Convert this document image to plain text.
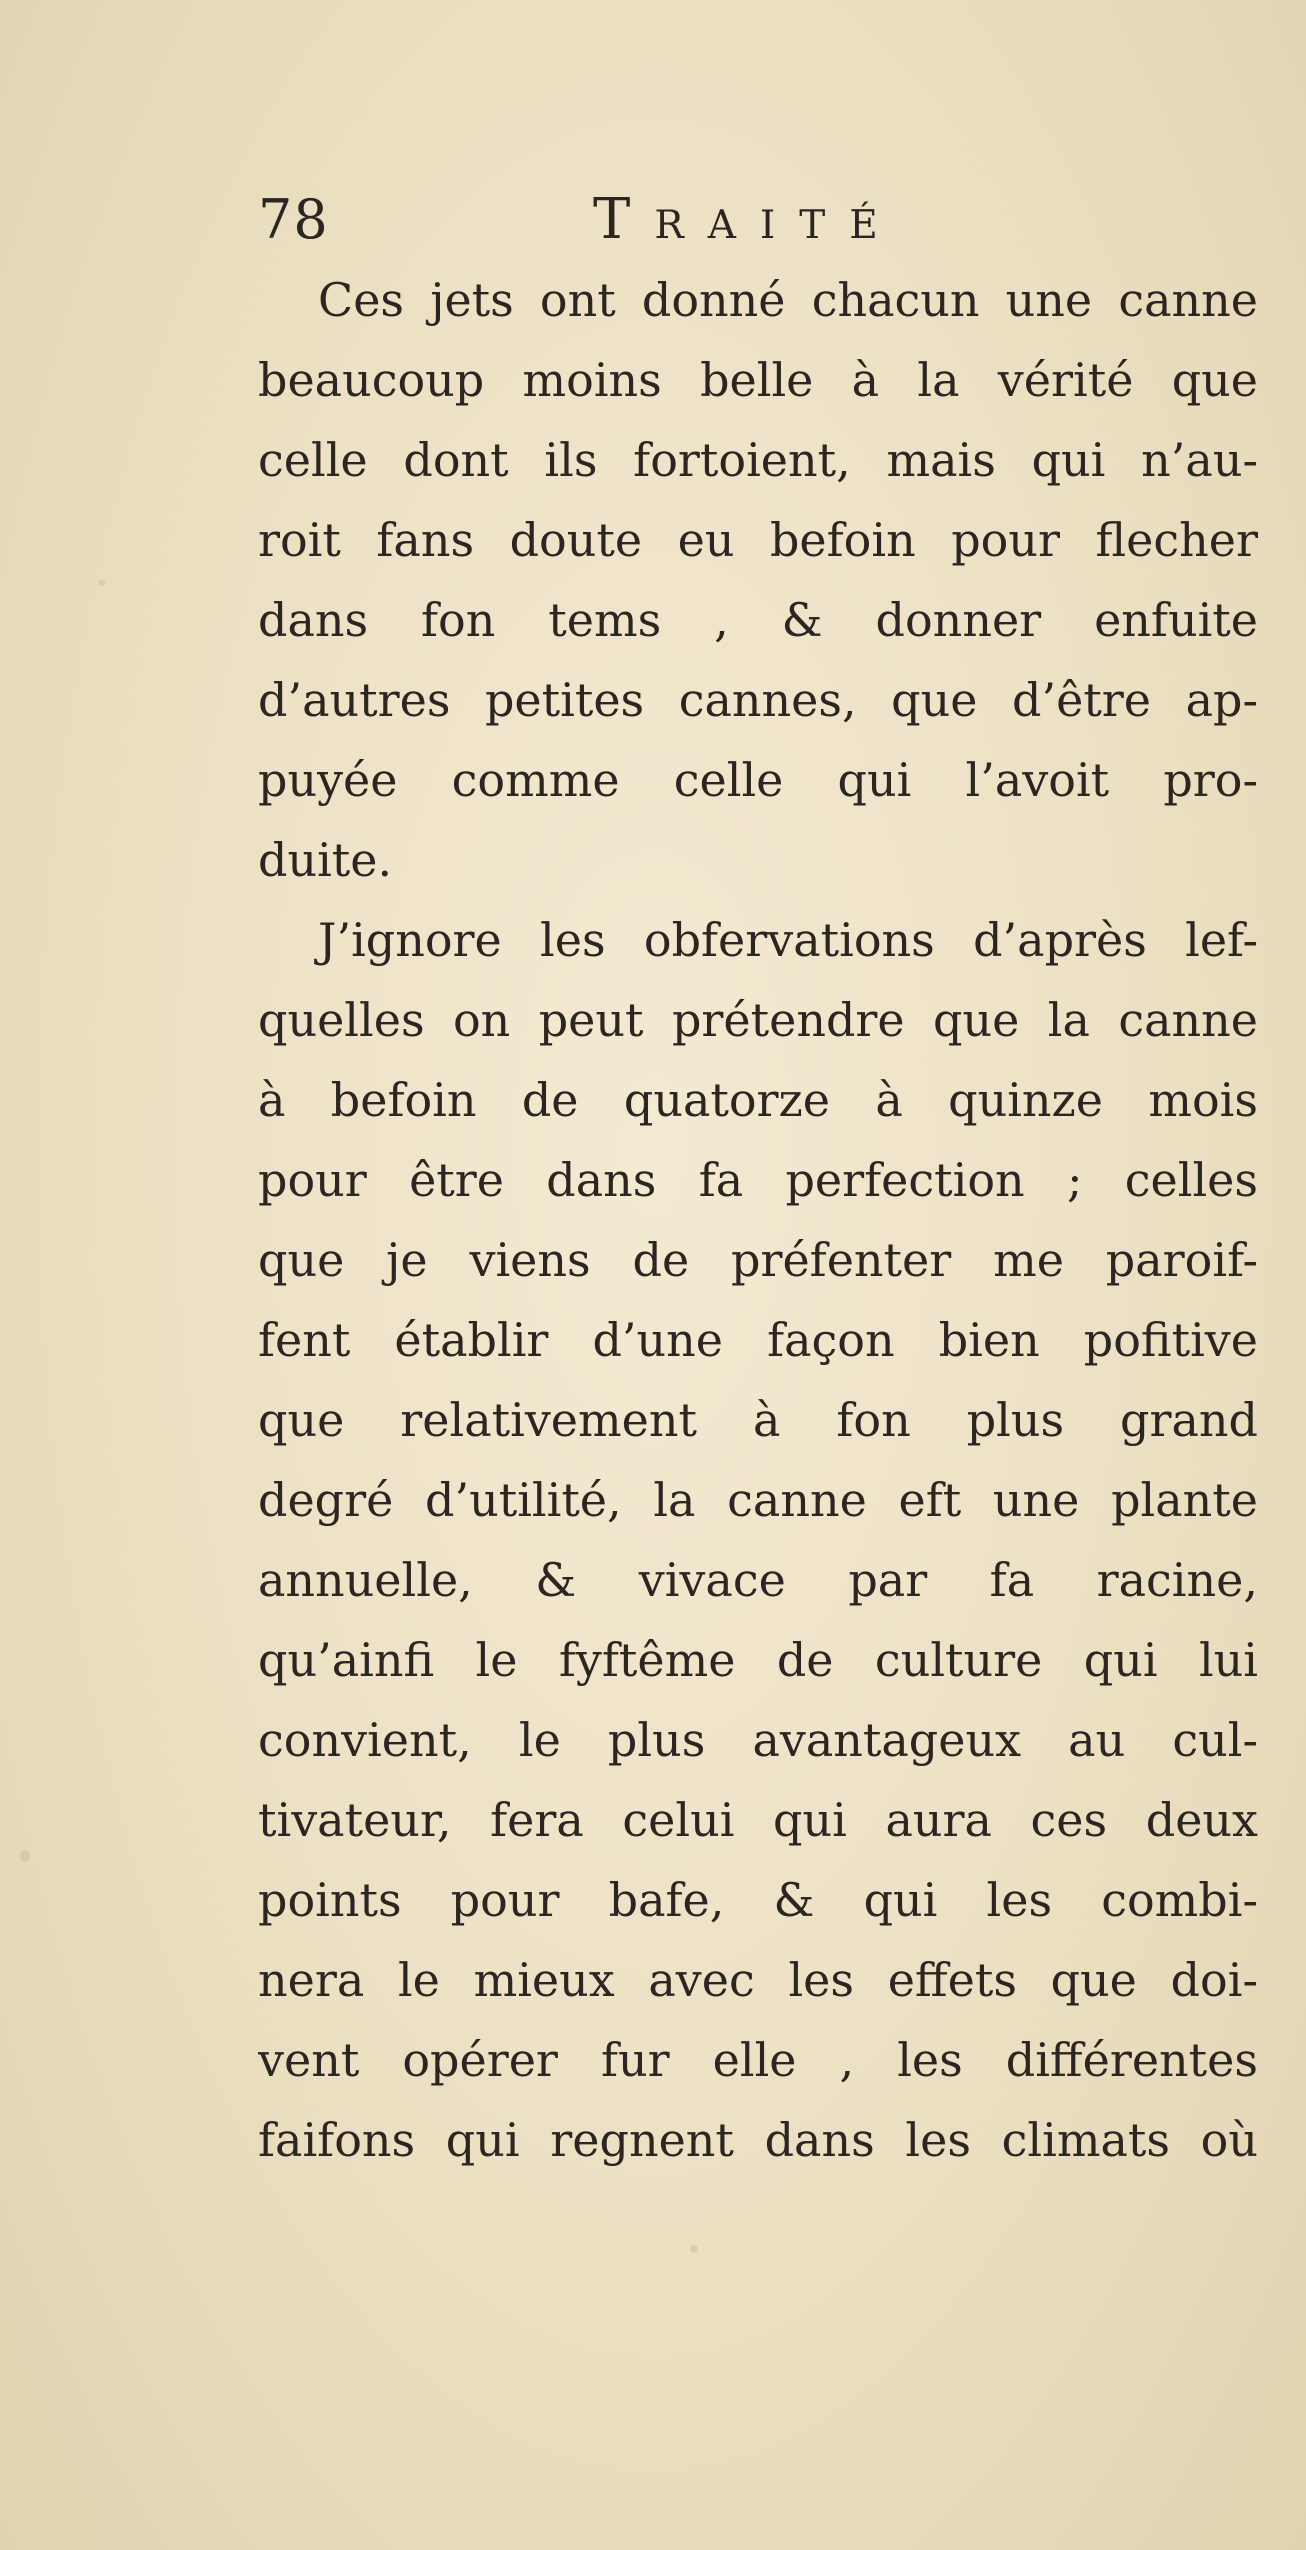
78	Traité
Ces jets ont donné chacun une canne
beaucoup moins belle à la vérité que
celle dont ils fortoient, mais qui n’au-
roit fans doute eu befoin pour flecher
dans fon tems , & donner enfuite
d’autres petites cannes, que d’être ap-
puyée comme celle qui l’avoit pro-
duite.
J’ignore les obfervations d’après lef-
quelles on peut prétendre que la canne
à befoin de quatorze à quinze mois
pour être dans fa perfection ; celles
que je viens de préfenter me paroif-
fent établir d’une façon bien pofitive
que relativement à fon plus grand
degré d’utilité, la canne eft une plante
annuelle, & vivace par fa racine,
qu’ainfi le fyftême de culture qui lui
convient, le plus avantageux au cul-
tivateur, fera celui qui aura ces deux
points pour bafe, & qui les combi-
nera le mieux avec les effets que doi-
vent opérer fur elle , les différentes
faifons qui regnent dans les climats où
